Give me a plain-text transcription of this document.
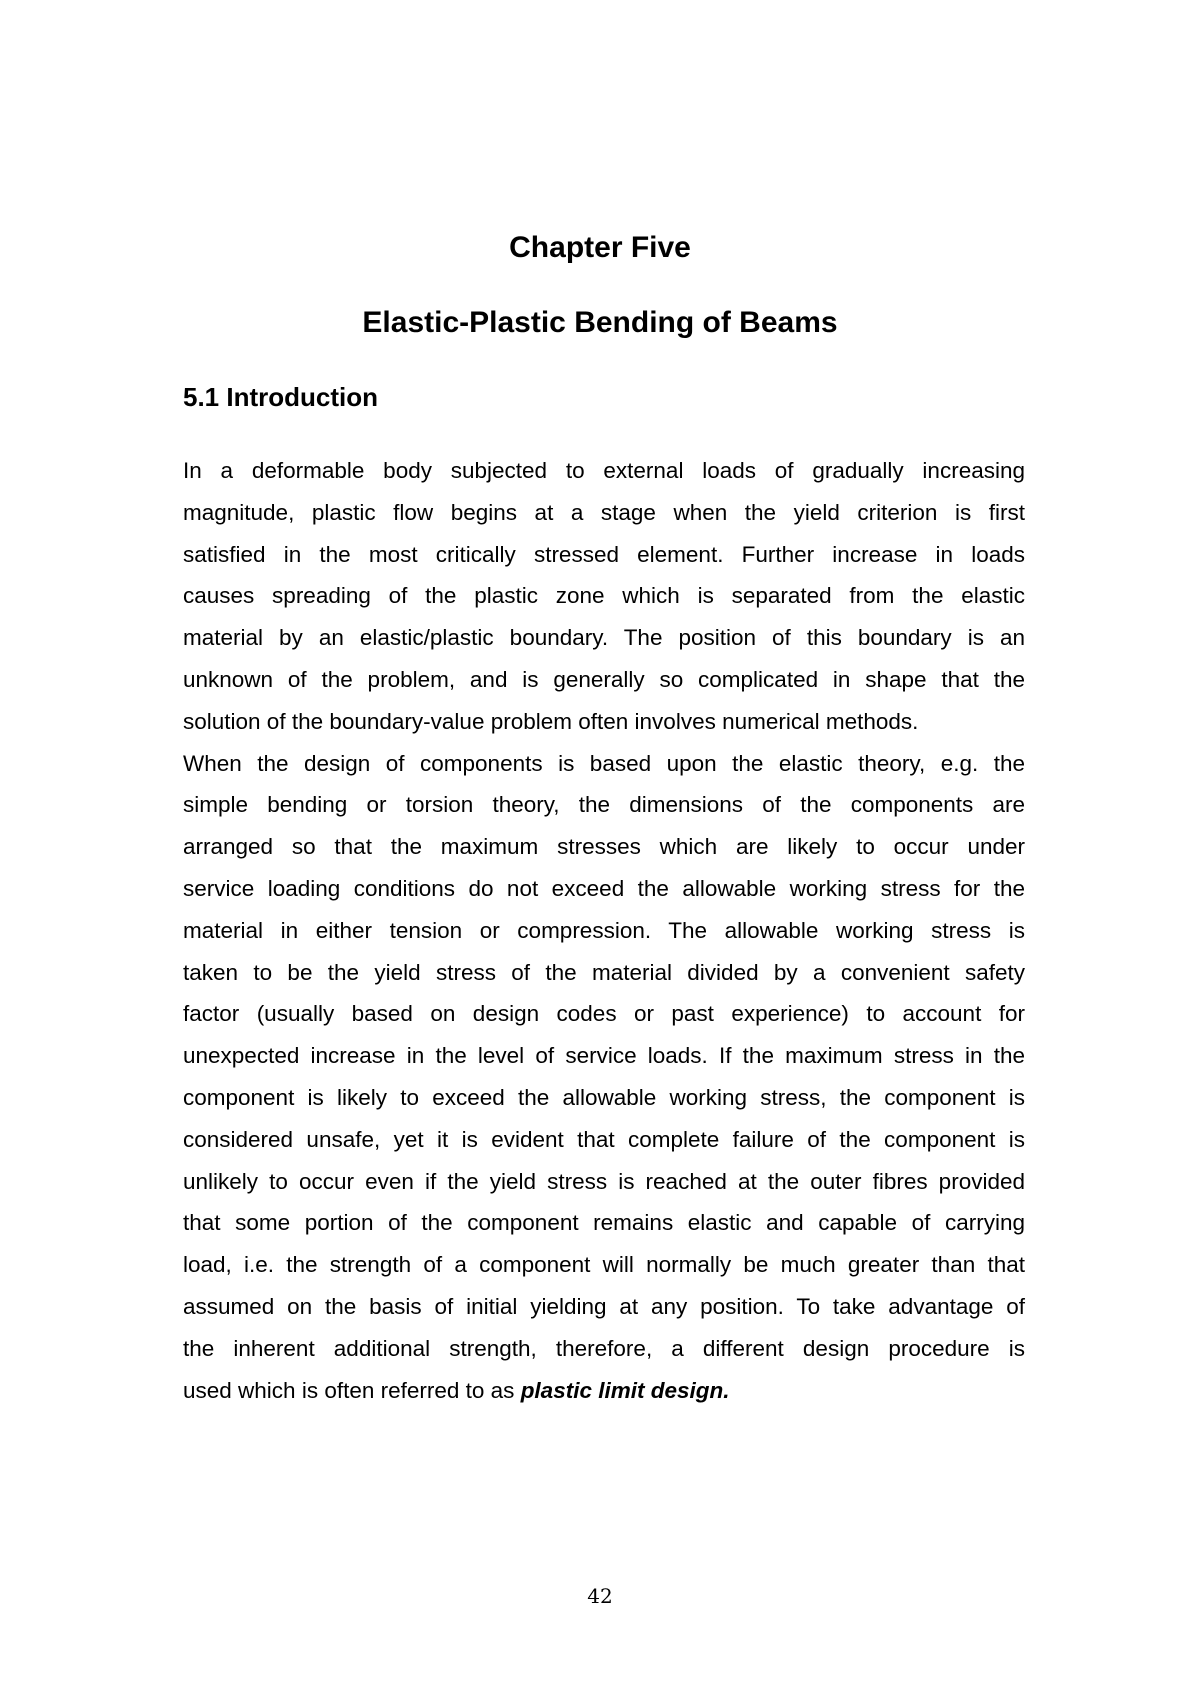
Chapter Five
Elastic-Plastic Bending of Beams
5.1 Introduction
In a deformable body subjected to external loads of gradually increasing
magnitude, plastic flow begins at a stage when the yield criterion is first
satisfied in the most critically stressed element. Further increase in loads
causes spreading of the plastic zone which is separated from the elastic
material by an elastic/plastic boundary. The position of this boundary is an
unknown of the problem, and is generally so complicated in shape that the
solution of the boundary-value problem often involves numerical methods.
When the design of components is based upon the elastic theory, e.g. the
simple bending or torsion theory, the dimensions of the components are
arranged so that the maximum stresses which are likely to occur under
service loading conditions do not exceed the allowable working stress for the
material in either tension or compression. The allowable working stress is
taken to be the yield stress of the material divided by a convenient safety
factor (usually based on design codes or past experience) to account for
unexpected increase in the level of service loads. If the maximum stress in the
component is likely to exceed the allowable working stress, the component is
considered unsafe, yet it is evident that complete failure of the component is
unlikely to occur even if the yield stress is reached at the outer fibres provided
that some portion of the component remains elastic and capable of carrying
load, i.e. the strength of a component will normally be much greater than that
assumed on the basis of initial yielding at any position. To take advantage of
the inherent additional strength, therefore, a different design procedure is
used which is often referred to as plastic limit design.
42
